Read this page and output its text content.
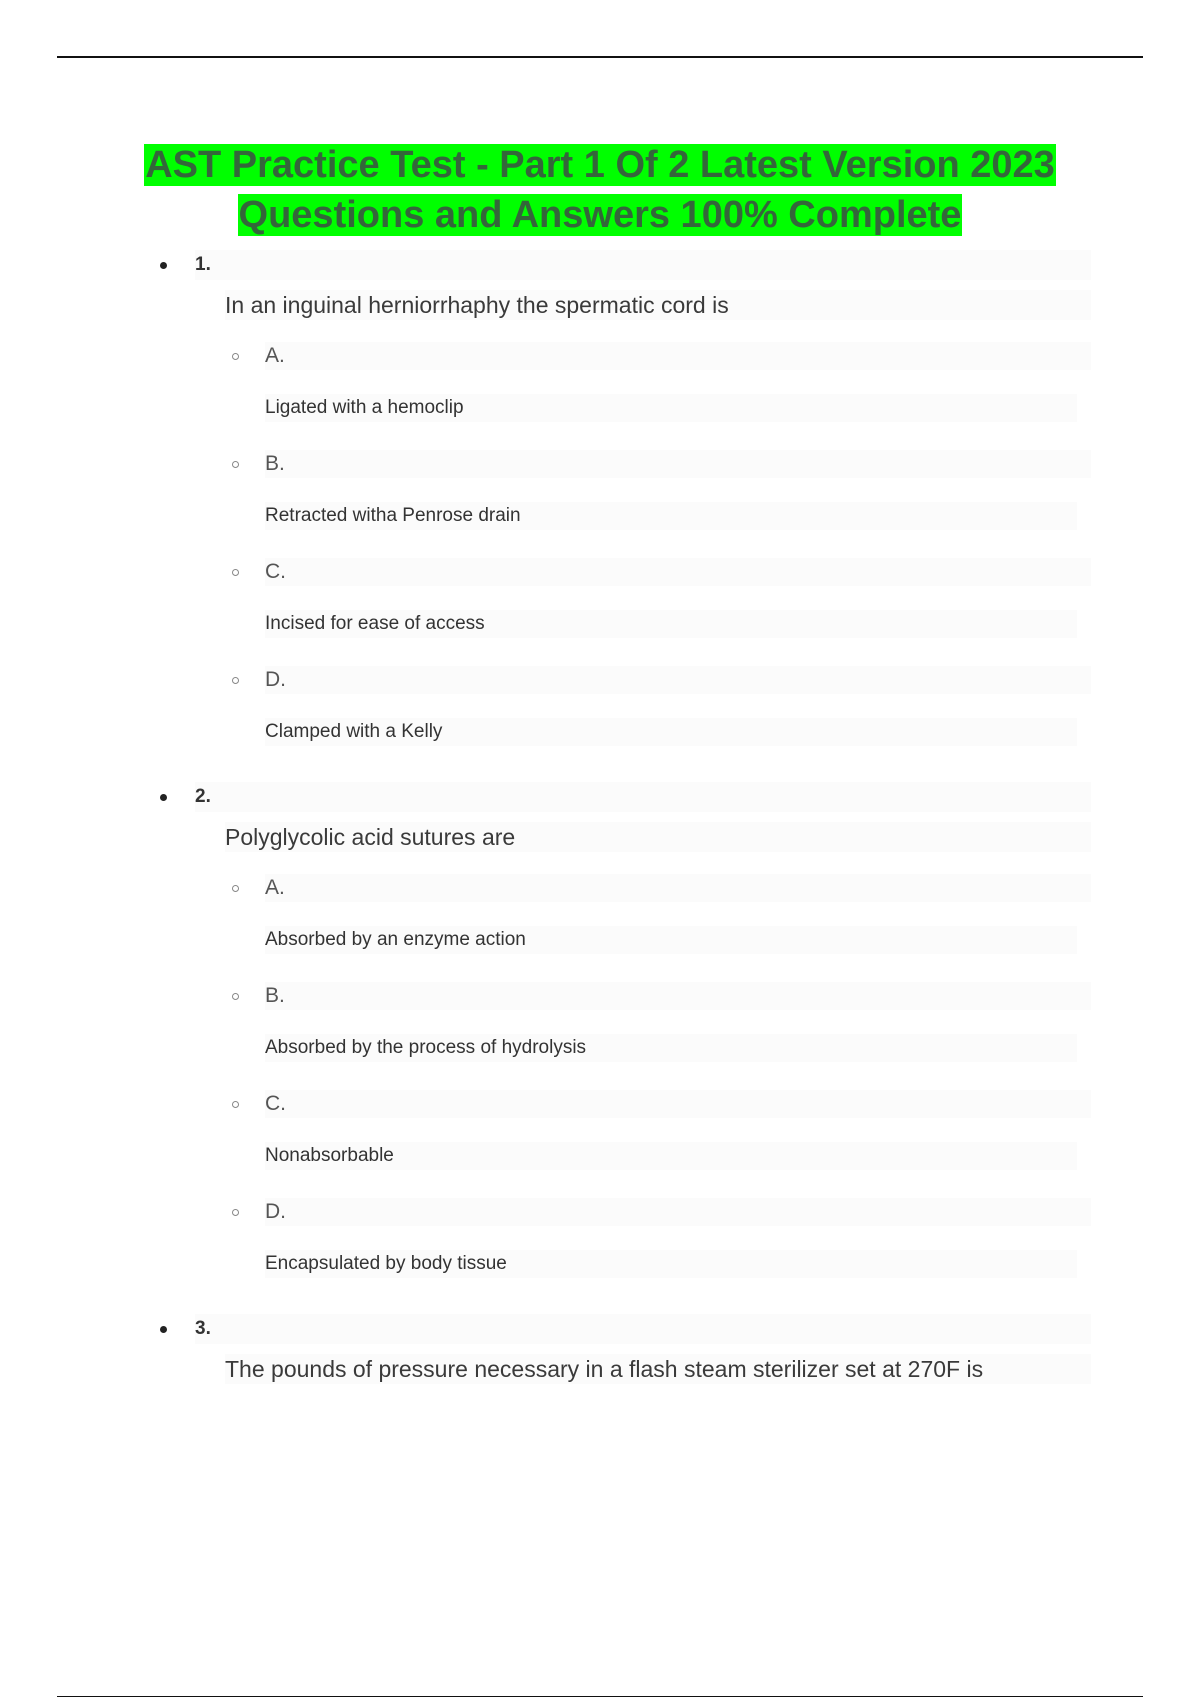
AST Practice Test - Part 1 Of 2 Latest Version 2023
Questions and Answers 100% Complete
1.
In an inguinal herniorrhaphy the spermatic cord is
A.
Ligated with a hemoclip
B.
Retracted witha Penrose drain
C.
Incised for ease of access
D.
Clamped with a Kelly
2.
Polyglycolic acid sutures are
A.
Absorbed by an enzyme action
B.
Absorbed by the process of hydrolysis
C.
Nonabsorbable
D.
Encapsulated by body tissue
3.
The pounds of pressure necessary in a flash steam sterilizer set at 270F is
